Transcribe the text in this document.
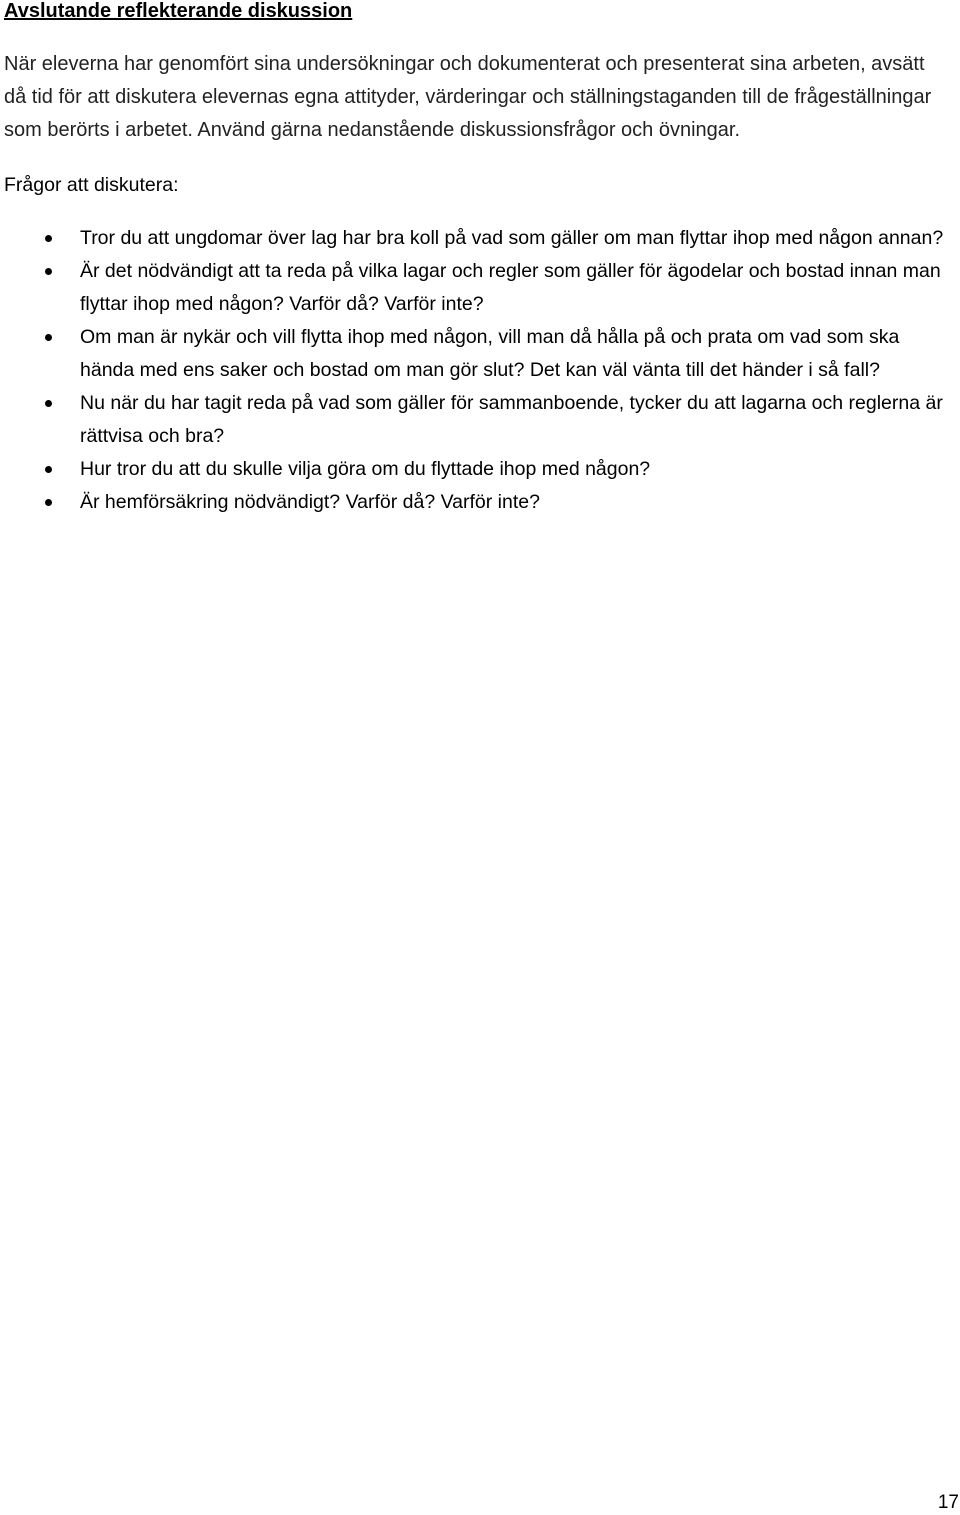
Avslutande reflekterande diskussion

När eleverna har genomfört sina undersökningar och dokumenterat och presenterat sina arbeten, avsätt då tid för att diskutera elevernas egna attityder, värderingar och ställningstaganden till de frågeställningar som berörts i arbetet. Använd gärna nedanstående diskussionsfrågor och övningar.

Frågor att diskutera:

Tror du att ungdomar över lag har bra koll på vad som gäller om man flyttar ihop med någon annan?
Är det nödvändigt att ta reda på vilka lagar och regler som gäller för ägodelar och bostad innan man flyttar ihop med någon? Varför då? Varför inte?
Om man är nykär och vill flytta ihop med någon, vill man då hålla på och prata om vad som ska hända med ens saker och bostad om man gör slut? Det kan väl vänta till det händer i så fall?
Nu när du har tagit reda på vad som gäller för sammanboende, tycker du att lagarna och reglerna är rättvisa och bra?
Hur tror du att du skulle vilja göra om du flyttade ihop med någon?
Är hemförsäkring nödvändigt? Varför då? Varför inte?
17
